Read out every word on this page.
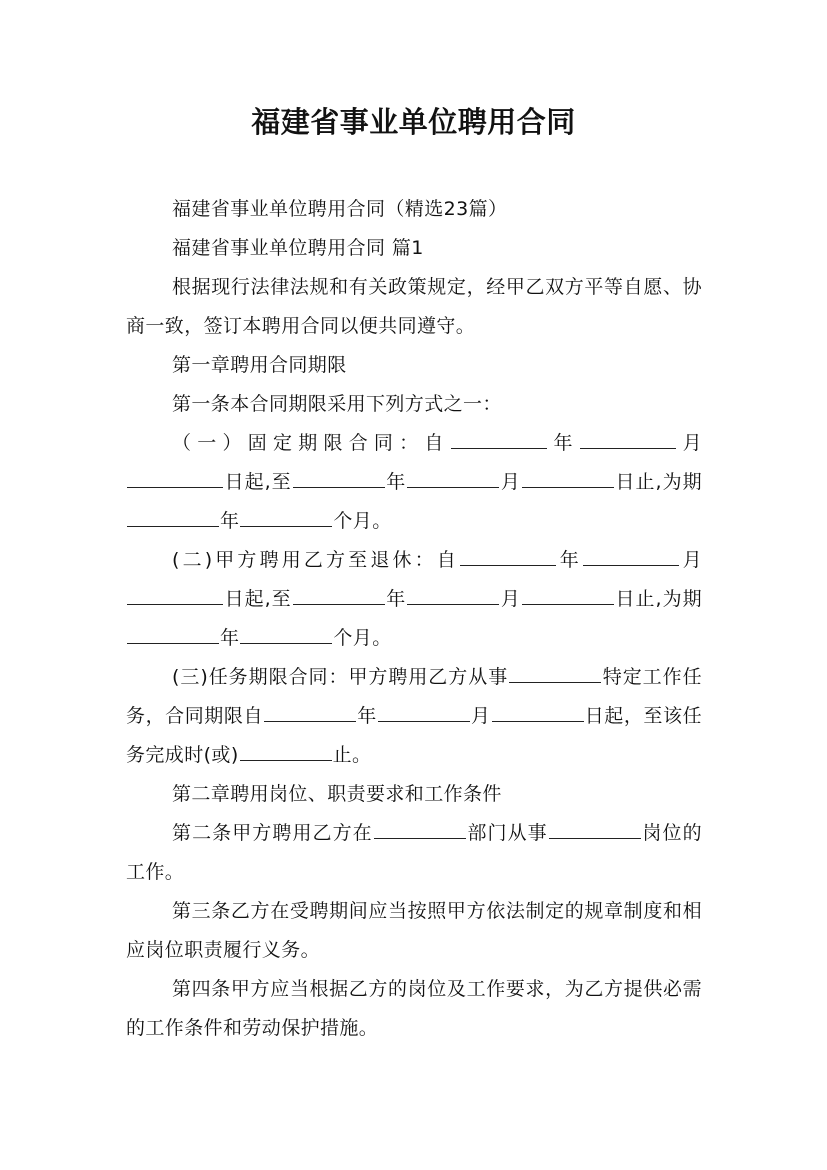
福建省事业单位聘用合同

福建省事业单位聘用合同（精选23篇）

福建省事业单位聘用合同 篇1

根据现行法律法规和有关政策规定，经甲乙双方平等自愿、协商一致，签订本聘用合同以便共同遵守。

第一章聘用合同期限

第一条本合同期限采用下列方式之一：

（一）固定期限合同：自	年	月日起,至	年	月	日止,为期年	个月。

(二)甲方聘用乙方至退休：自	年	月日起,至	年	月	日止,为期年	个月。

(三)任务期限合同：甲方聘用乙方从事	特定工作任务，合同期限自	年	月	日起，至该任务完成时(或)	止。

第二章聘用岗位、职责要求和工作条件

第二条甲方聘用乙方在	部门从事	岗位的工作。

第三条乙方在受聘期间应当按照甲方依法制定的规章制度和相应岗位职责履行义务。

第四条甲方应当根据乙方的岗位及工作要求，为乙方提供必需的工作条件和劳动保护措施。
